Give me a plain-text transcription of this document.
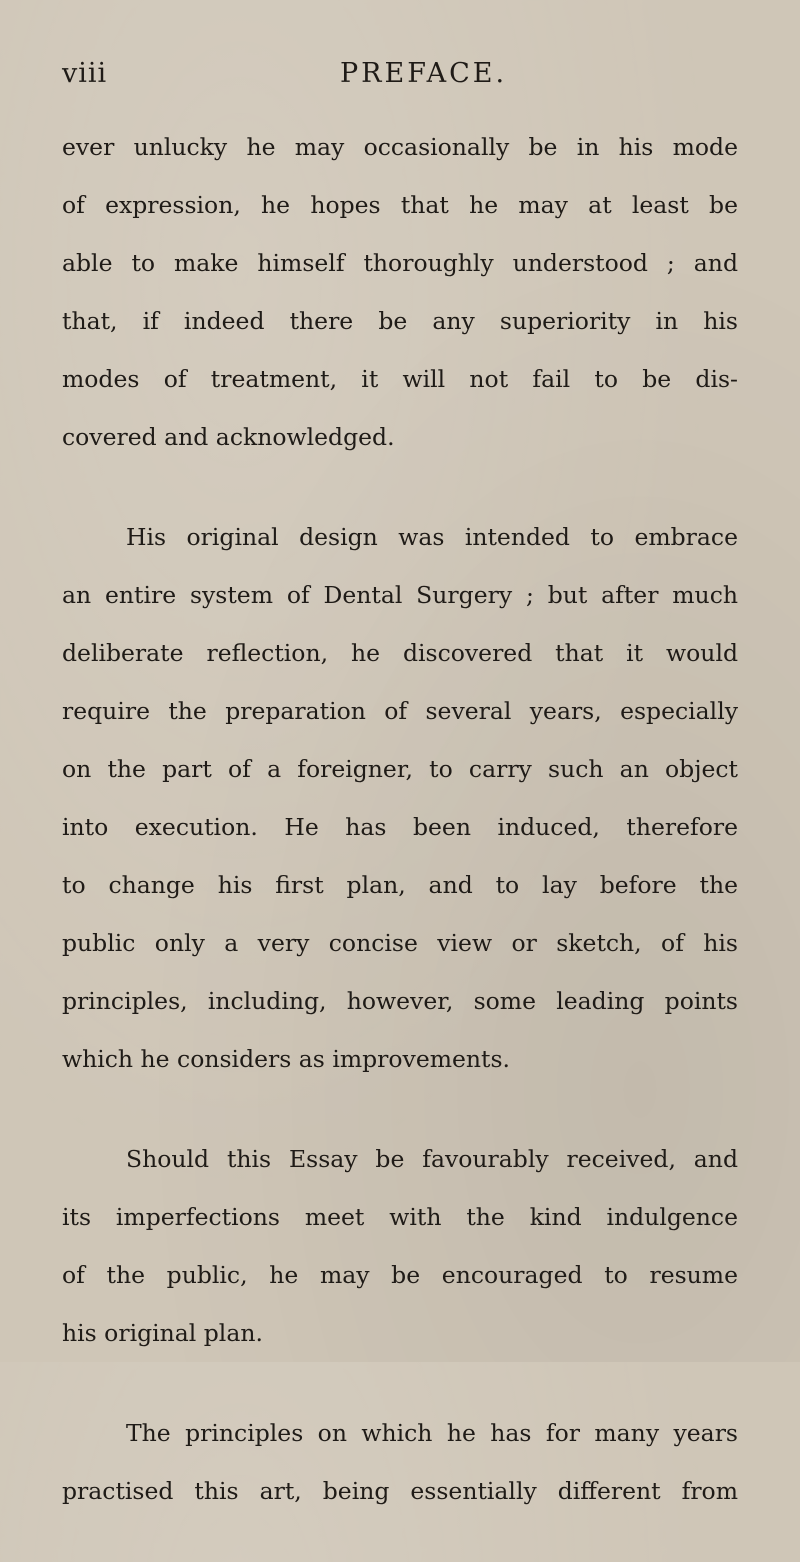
viii	PREFACE.

ever unlucky he may occasionally be in his mode
of expression, he hopes that he may at least be
able to make himself thoroughly understood ; and
that, if indeed there be any superiority in his
modes of treatment, it will not fail to be dis-
covered and acknowledged.

His original design was intended to embrace
an entire system of Dental Surgery ; but after much
deliberate reflection, he discovered that it would
require the preparation of several years, especially
on the part of a foreigner, to carry such an object
into execution. He has been induced, therefore
to change his first plan, and to lay before the
public only a very concise view or sketch, of his
principles, including, however, some leading points
which he considers as improvements.

Should this Essay be favourably received, and
its imperfections meet with the kind indulgence
of the public, he may be encouraged to resume
his original plan.

The principles on which he has for many years
practised this art, being essentially different from
